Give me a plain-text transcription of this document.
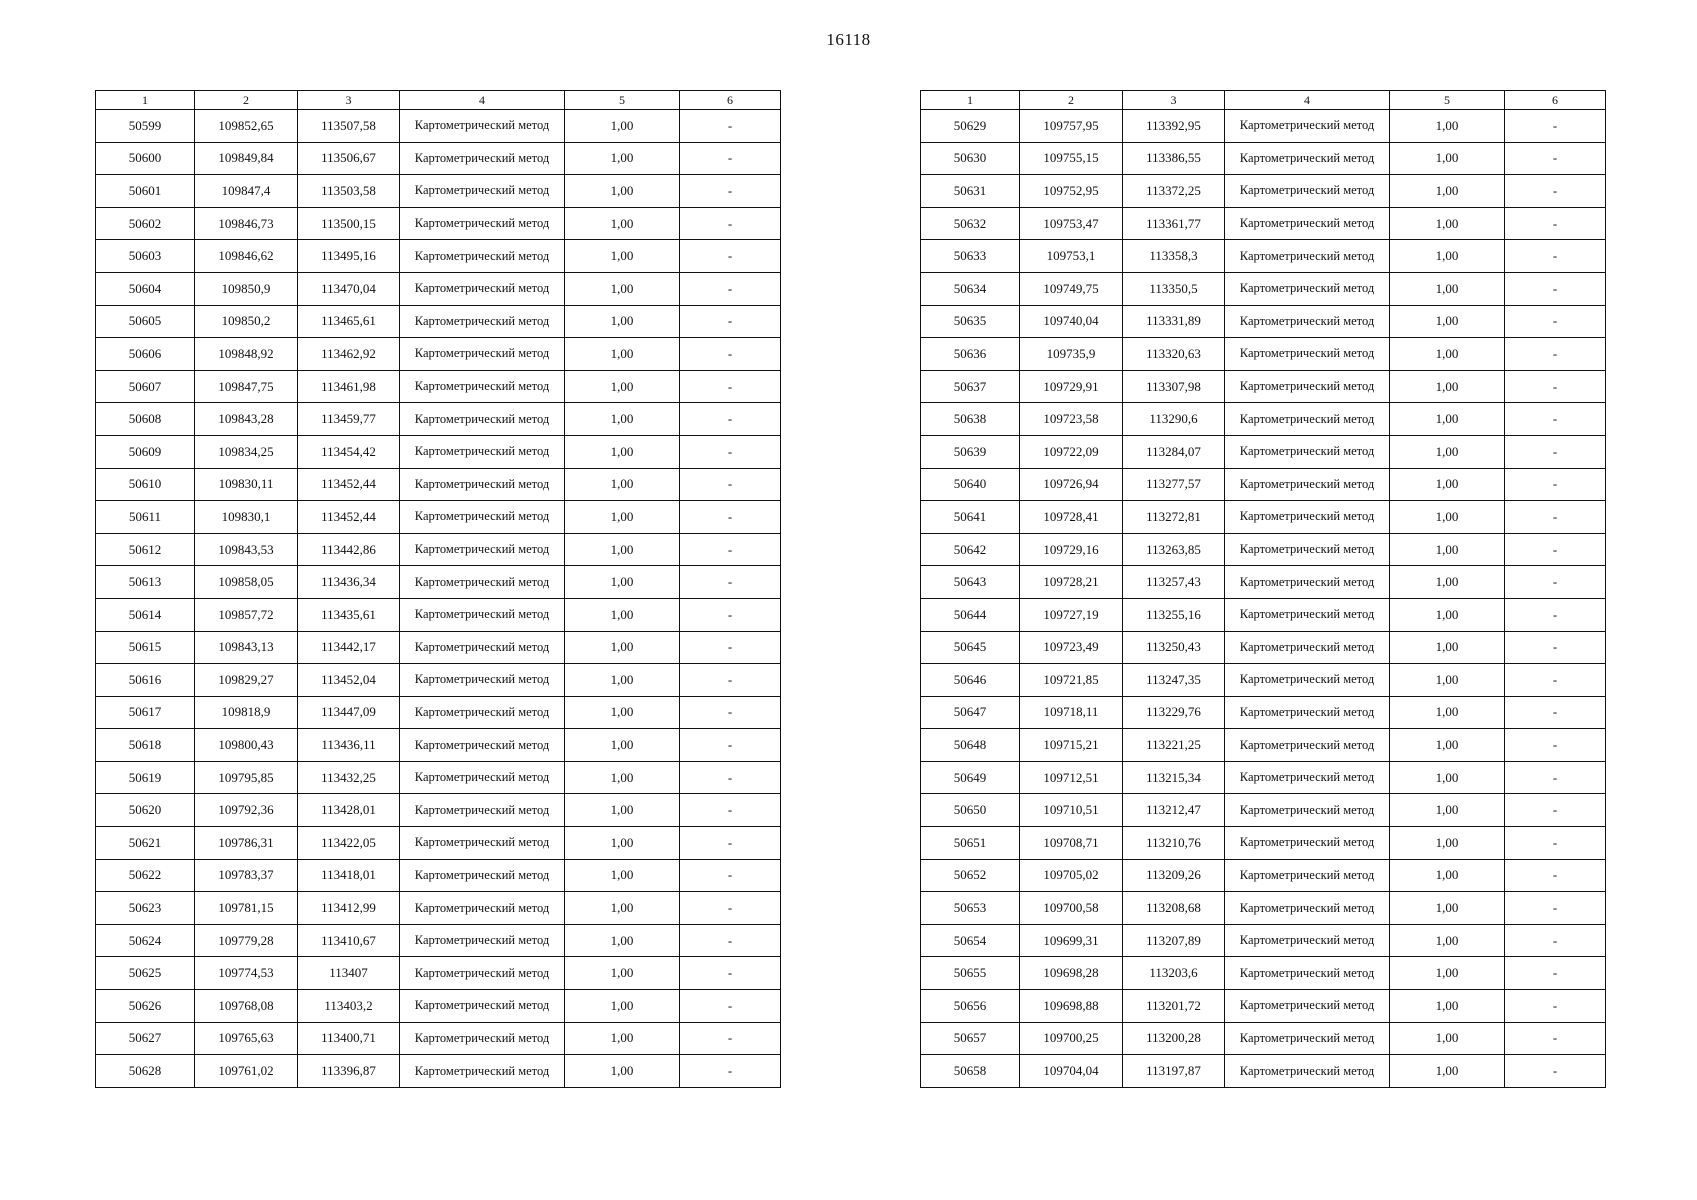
16118
1	2	3	4	5	6
50599	109852,65	113507,58	Картометрический метод	1,00	-
50600	109849,84	113506,67	Картометрический метод	1,00	-
50601	109847,4	113503,58	Картометрический метод	1,00	-
50602	109846,73	113500,15	Картометрический метод	1,00	-
50603	109846,62	113495,16	Картометрический метод	1,00	-
50604	109850,9	113470,04	Картометрический метод	1,00	-
50605	109850,2	113465,61	Картометрический метод	1,00	-
50606	109848,92	113462,92	Картометрический метод	1,00	-
50607	109847,75	113461,98	Картометрический метод	1,00	-
50608	109843,28	113459,77	Картометрический метод	1,00	-
50609	109834,25	113454,42	Картометрический метод	1,00	-
50610	109830,11	113452,44	Картометрический метод	1,00	-
50611	109830,1	113452,44	Картометрический метод	1,00	-
50612	109843,53	113442,86	Картометрический метод	1,00	-
50613	109858,05	113436,34	Картометрический метод	1,00	-
50614	109857,72	113435,61	Картометрический метод	1,00	-
50615	109843,13	113442,17	Картометрический метод	1,00	-
50616	109829,27	113452,04	Картометрический метод	1,00	-
50617	109818,9	113447,09	Картометрический метод	1,00	-
50618	109800,43	113436,11	Картометрический метод	1,00	-
50619	109795,85	113432,25	Картометрический метод	1,00	-
50620	109792,36	113428,01	Картометрический метод	1,00	-
50621	109786,31	113422,05	Картометрический метод	1,00	-
50622	109783,37	113418,01	Картометрический метод	1,00	-
50623	109781,15	113412,99	Картометрический метод	1,00	-
50624	109779,28	113410,67	Картометрический метод	1,00	-
50625	109774,53	113407	Картометрический метод	1,00	-
50626	109768,08	113403,2	Картометрический метод	1,00	-
50627	109765,63	113400,71	Картометрический метод	1,00	-
50628	109761,02	113396,87	Картометрический метод	1,00	-
1	2	3	4	5	6
50629	109757,95	113392,95	Картометрический метод	1,00	-
50630	109755,15	113386,55	Картометрический метод	1,00	-
50631	109752,95	113372,25	Картометрический метод	1,00	-
50632	109753,47	113361,77	Картометрический метод	1,00	-
50633	109753,1	113358,3	Картометрический метод	1,00	-
50634	109749,75	113350,5	Картометрический метод	1,00	-
50635	109740,04	113331,89	Картометрический метод	1,00	-
50636	109735,9	113320,63	Картометрический метод	1,00	-
50637	109729,91	113307,98	Картометрический метод	1,00	-
50638	109723,58	113290,6	Картометрический метод	1,00	-
50639	109722,09	113284,07	Картометрический метод	1,00	-
50640	109726,94	113277,57	Картометрический метод	1,00	-
50641	109728,41	113272,81	Картометрический метод	1,00	-
50642	109729,16	113263,85	Картометрический метод	1,00	-
50643	109728,21	113257,43	Картометрический метод	1,00	-
50644	109727,19	113255,16	Картометрический метод	1,00	-
50645	109723,49	113250,43	Картометрический метод	1,00	-
50646	109721,85	113247,35	Картометрический метод	1,00	-
50647	109718,11	113229,76	Картометрический метод	1,00	-
50648	109715,21	113221,25	Картометрический метод	1,00	-
50649	109712,51	113215,34	Картометрический метод	1,00	-
50650	109710,51	113212,47	Картометрический метод	1,00	-
50651	109708,71	113210,76	Картометрический метод	1,00	-
50652	109705,02	113209,26	Картометрический метод	1,00	-
50653	109700,58	113208,68	Картометрический метод	1,00	-
50654	109699,31	113207,89	Картометрический метод	1,00	-
50655	109698,28	113203,6	Картометрический метод	1,00	-
50656	109698,88	113201,72	Картометрический метод	1,00	-
50657	109700,25	113200,28	Картометрический метод	1,00	-
50658	109704,04	113197,87	Картометрический метод	1,00	-
